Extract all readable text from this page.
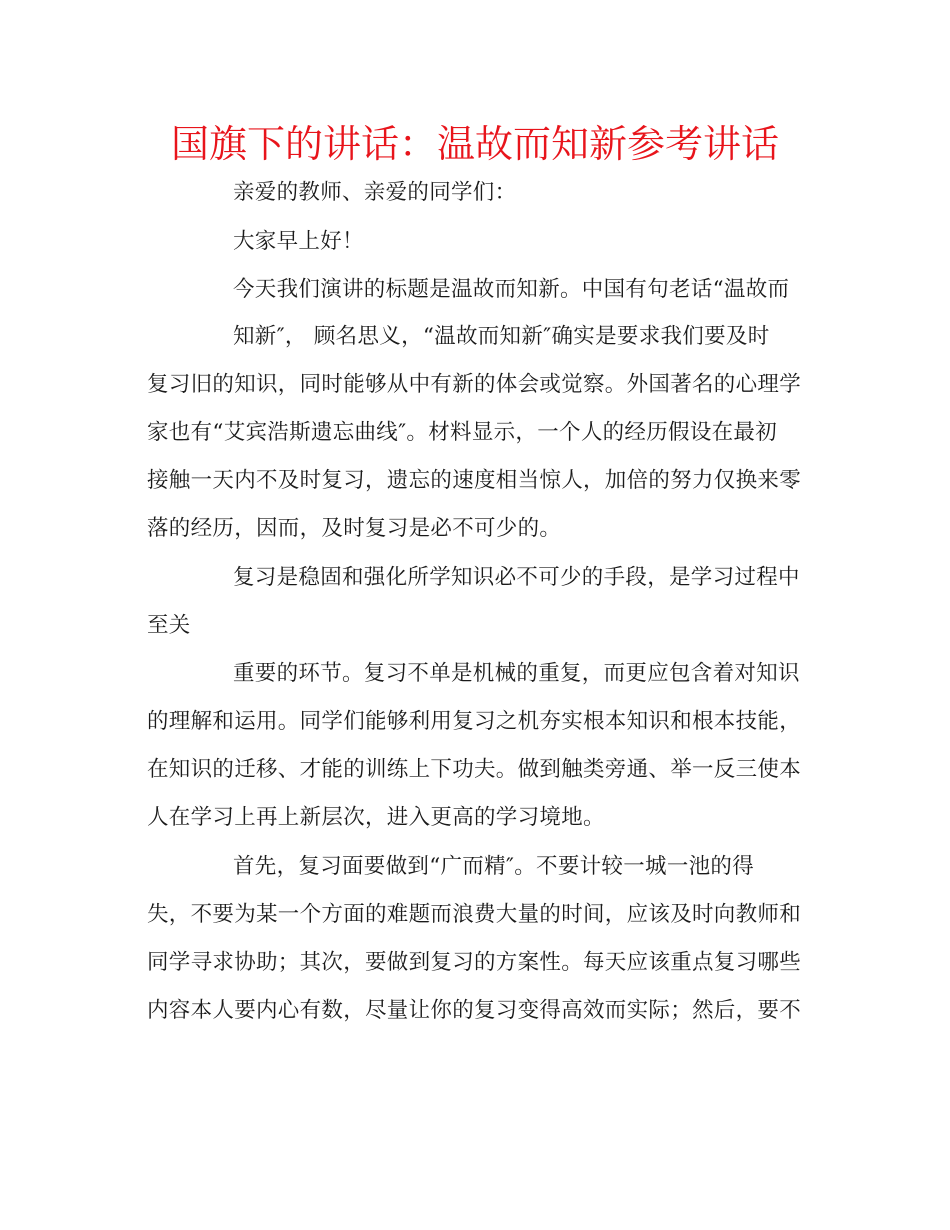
国旗下的讲话：温故而知新参考讲话
亲爱的教师、亲爱的同学们：
大家早上好！
今天我们演讲的标题是温故而知新。中国有句老话“温故而
知新″， 顾名思义，“温故而知新″确实是要求我们要及时
复习旧的知识，同时能够从中有新的体会或觉察。外国著名的心理学
家也有“艾宾浩斯遗忘曲线″。材料显示，一个人的经历假设在最初
接触一天内不及时复习，遗忘的速度相当惊人，加倍的努力仅换来零
落的经历，因而，及时复习是必不可少的。
复习是稳固和强化所学知识必不可少的手段，是学习过程中
至关
重要的环节。复习不单是机械的重复，而更应包含着对知识
的理解和运用。同学们能够利用复习之机夯实根本知识和根本技能，
在知识的迁移、才能的训练上下功夫。做到触类旁通、举一反三使本
人在学习上再上新层次，进入更高的学习境地。
首先，复习面要做到“广而精″。不要计较一城一池的得
失，不要为某一个方面的难题而浪费大量的时间，应该及时向教师和
同学寻求协助；其次，要做到复习的方案性。每天应该重点复习哪些
内容本人要内心有数，尽量让你的复习变得高效而实际；然后，要不
